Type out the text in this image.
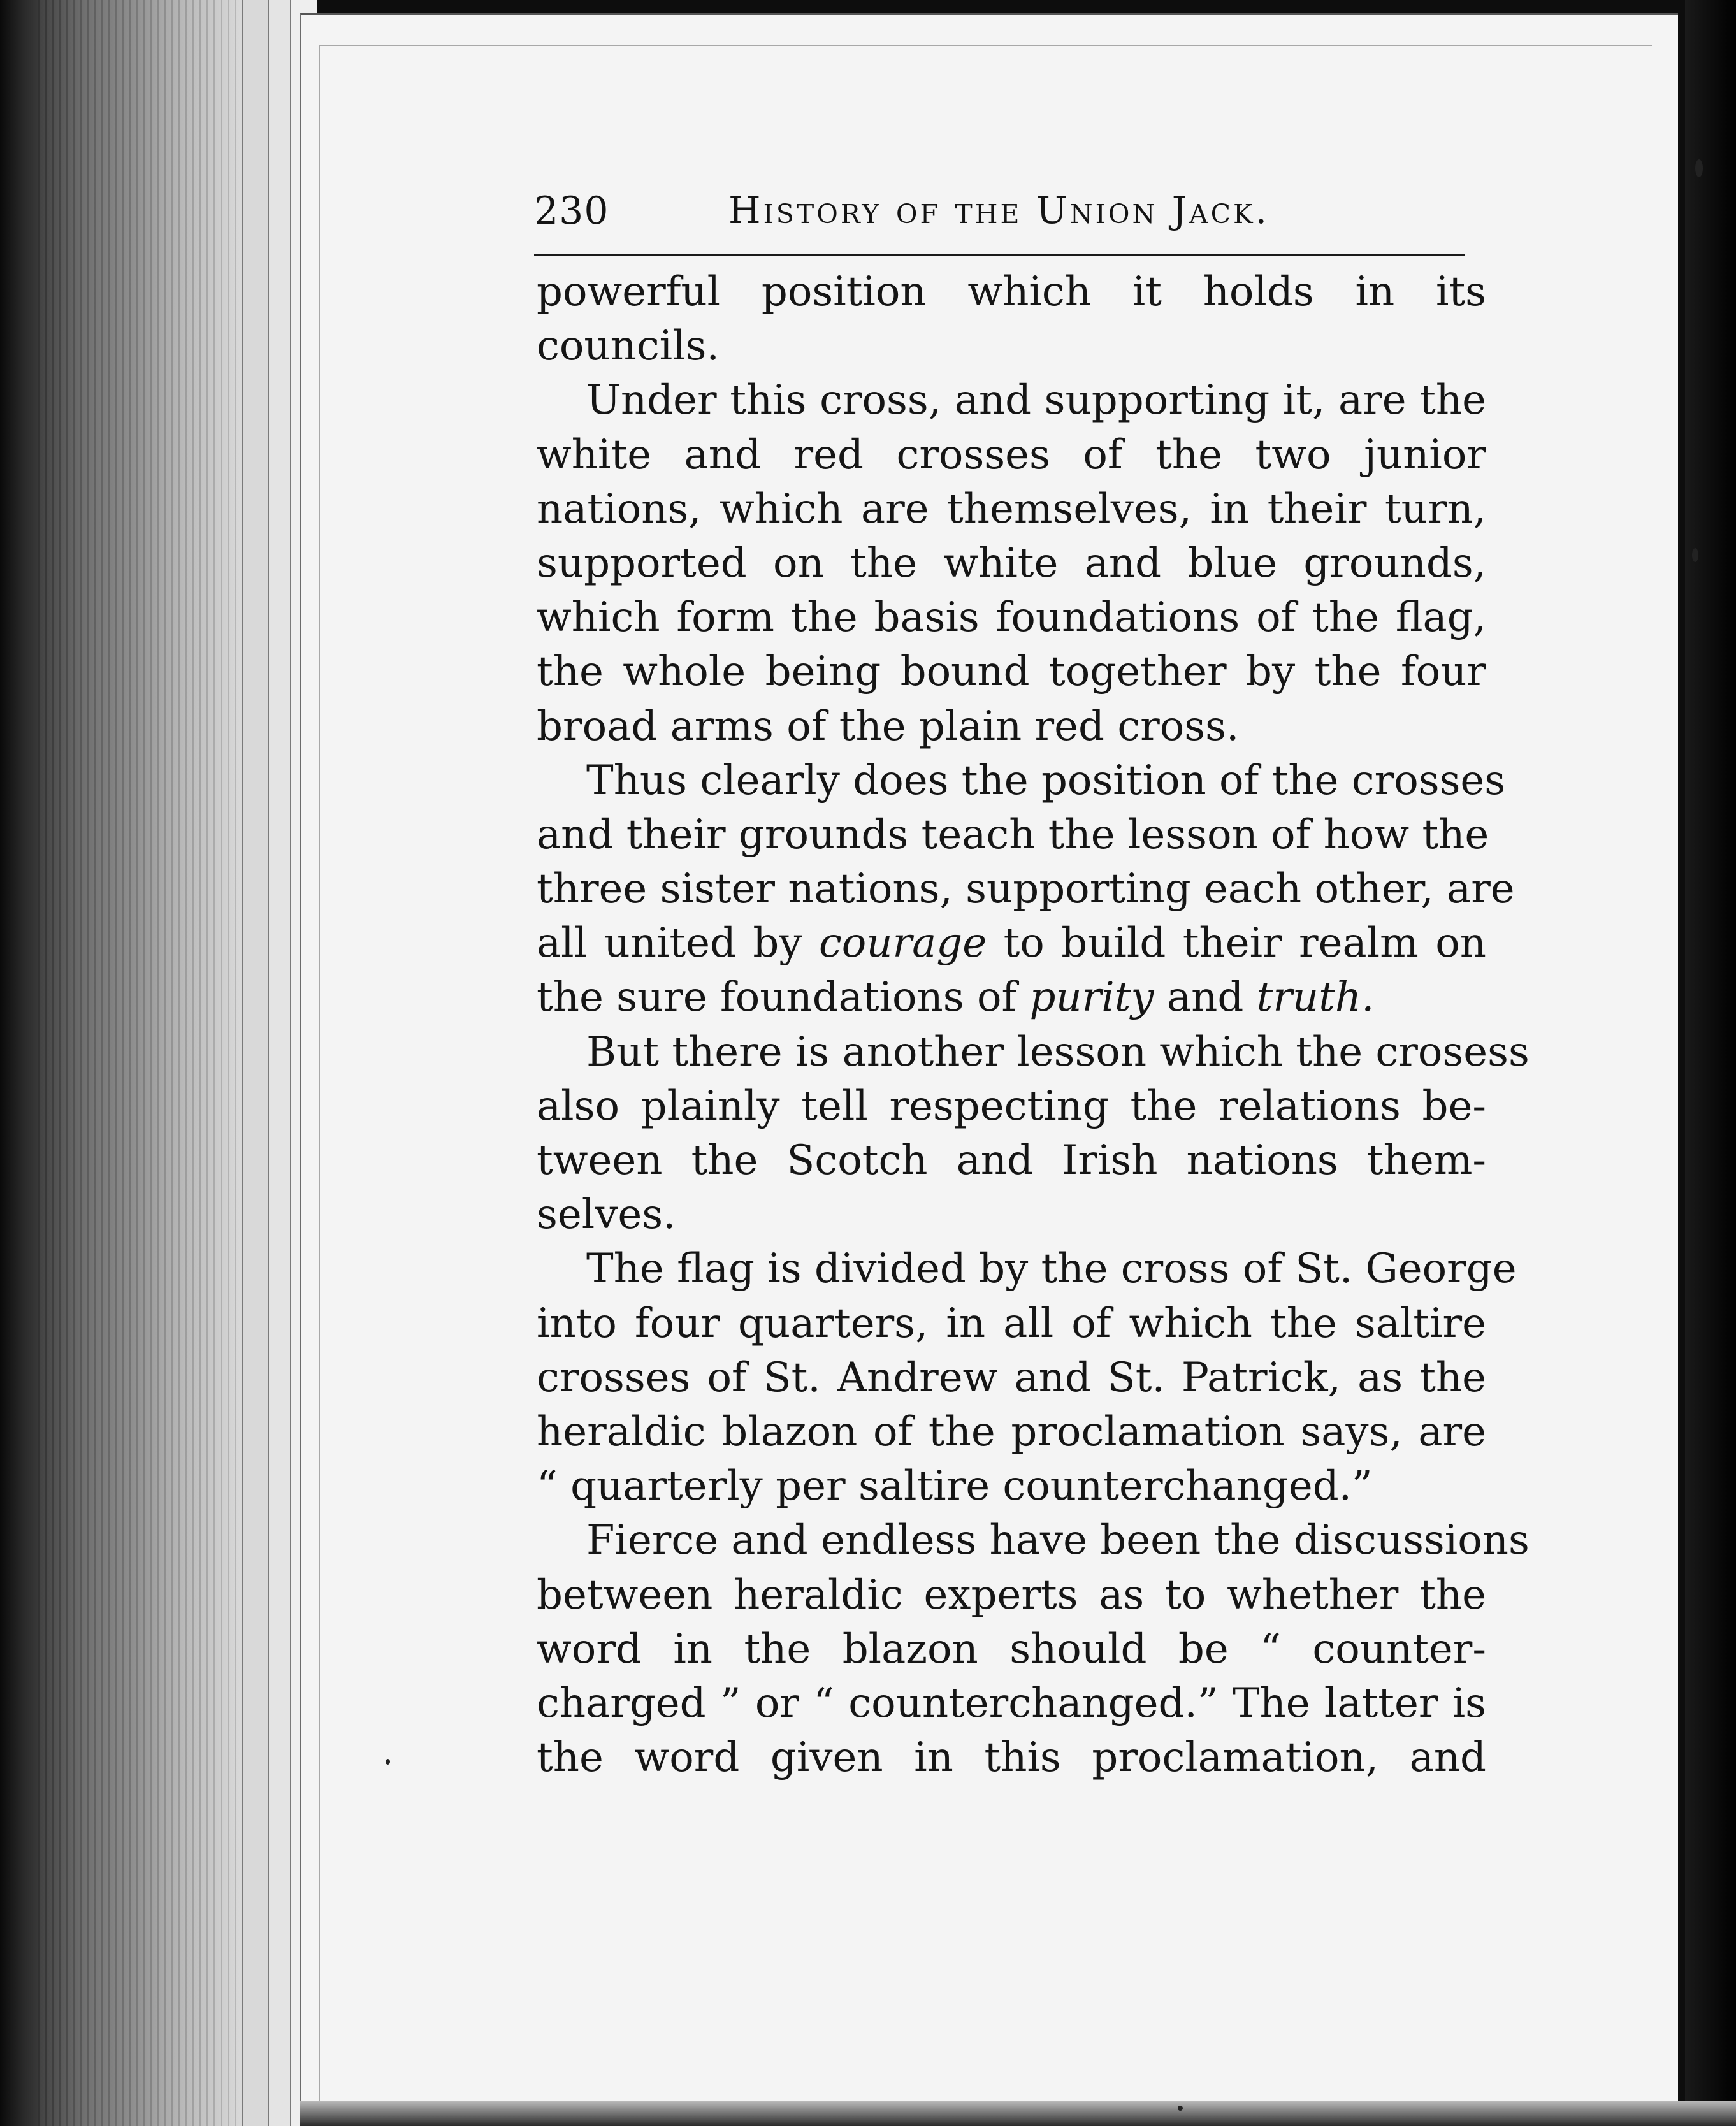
230	History of the Union Jack.
powerful position which it holds in its
councils.
Under this cross, and supporting it, are the
white and red crosses of the two junior
nations, which are themselves, in their turn,
supported on the white and blue grounds,
which form the basis foundations of the flag,
the whole being bound together by the four
broad arms of the plain red cross.
Thus clearly does the position of the crosses
and their grounds teach the lesson of how the
three sister nations, supporting each other, are
all united by courage to build their realm on
the sure foundations of purity and truth.
But there is another lesson which the crosess
also plainly tell respecting the relations be-
tween the Scotch and Irish nations them-
selves.
The flag is divided by the cross of St. George
into four quarters, in all of which the saltire
crosses of St. Andrew and St. Patrick, as the
heraldic blazon of the proclamation says, are
“ quarterly per saltire counterchanged.”
Fierce and endless have been the discussions
between heraldic experts as to whether the
word in the blazon should be “ counter-
charged ” or “ counterchanged.” The latter is
the word given in this proclamation, and
